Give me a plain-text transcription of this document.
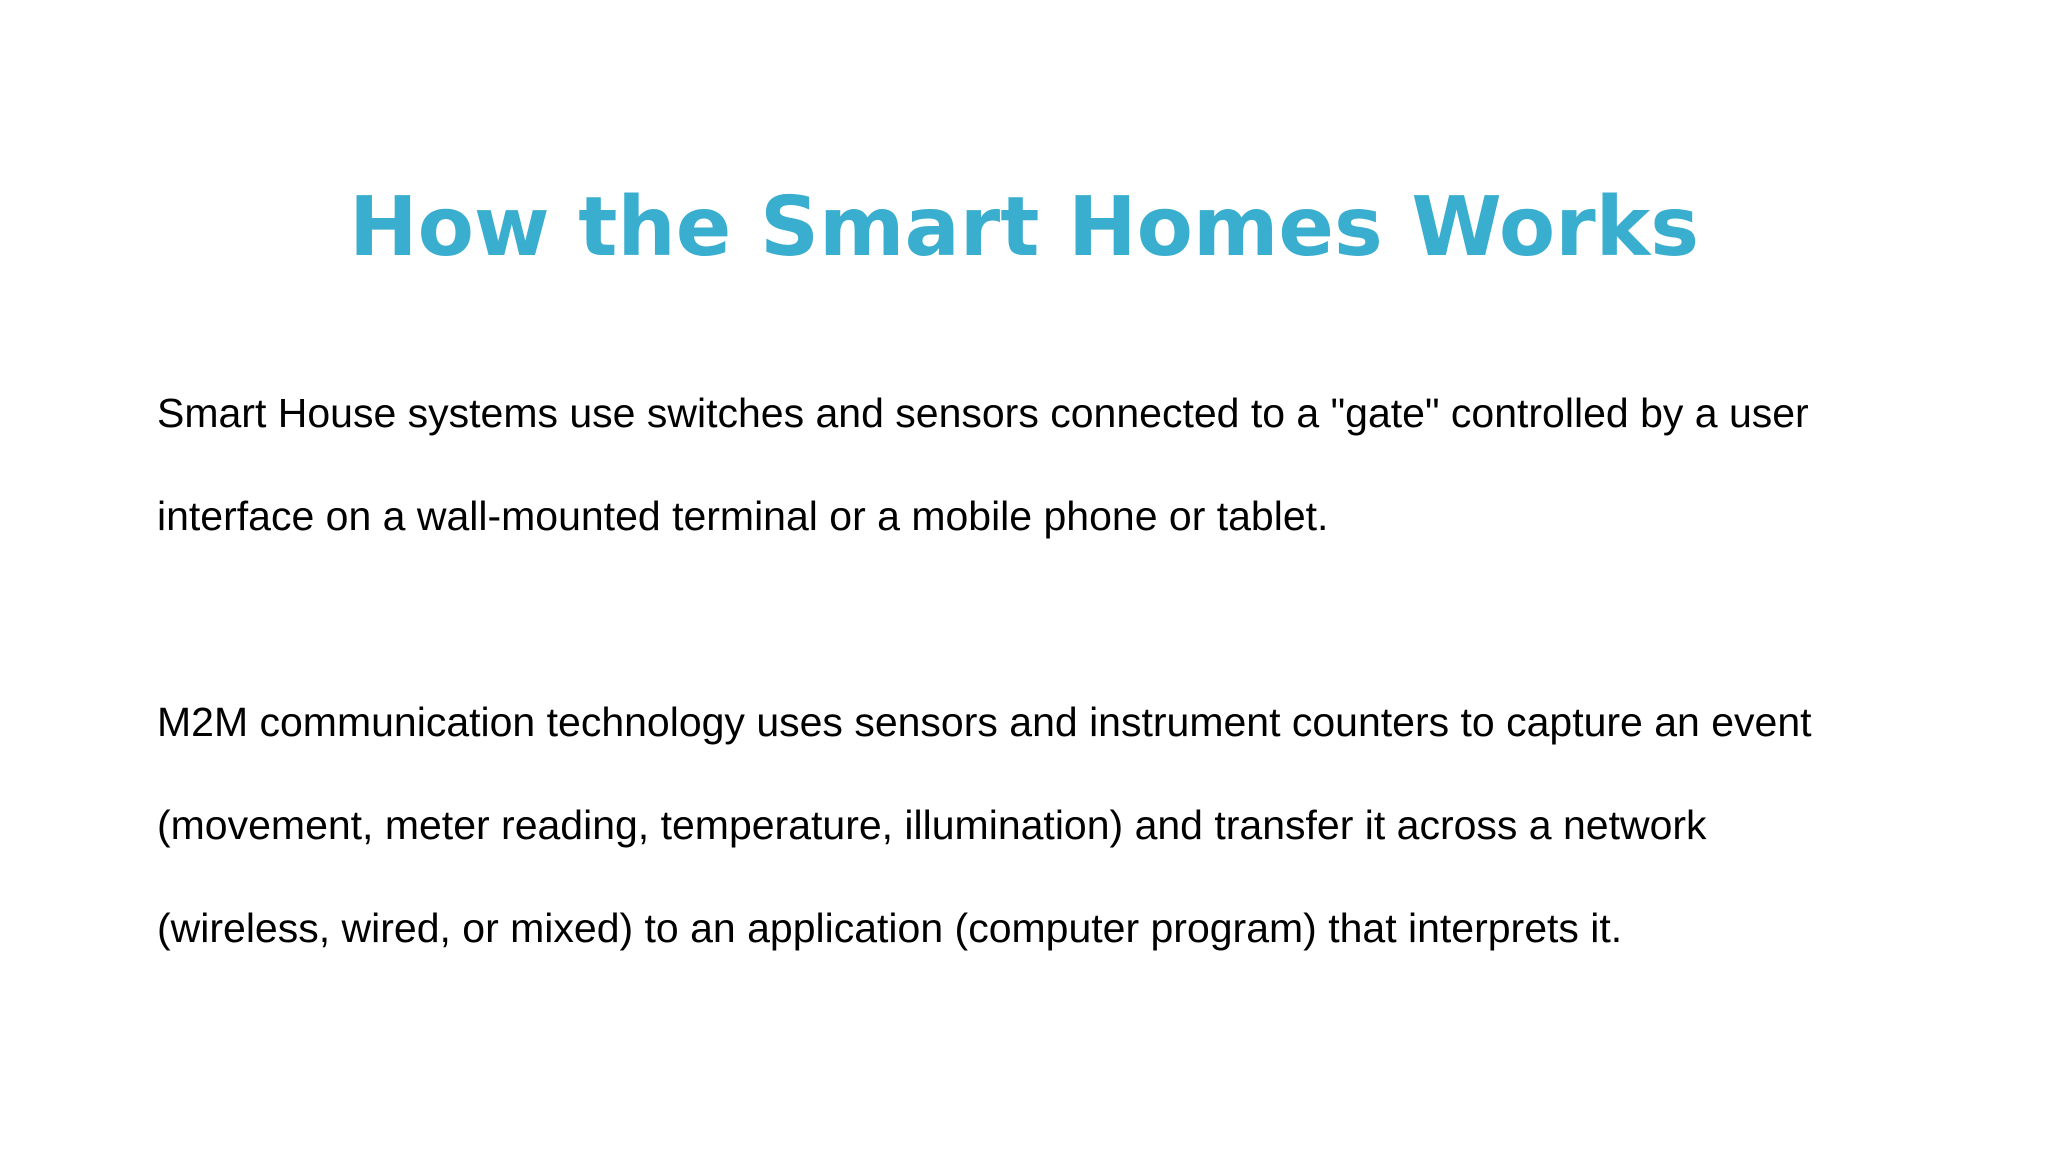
How the Smart Homes Works

Smart House systems use switches and sensors connected to a "gate" controlled by a user
interface on a wall-mounted terminal or a mobile phone or tablet.

M2M communication technology uses sensors and instrument counters to capture an event
(movement, meter reading, temperature, illumination) and transfer it across a network
(wireless, wired, or mixed) to an application (computer program) that interprets it.
